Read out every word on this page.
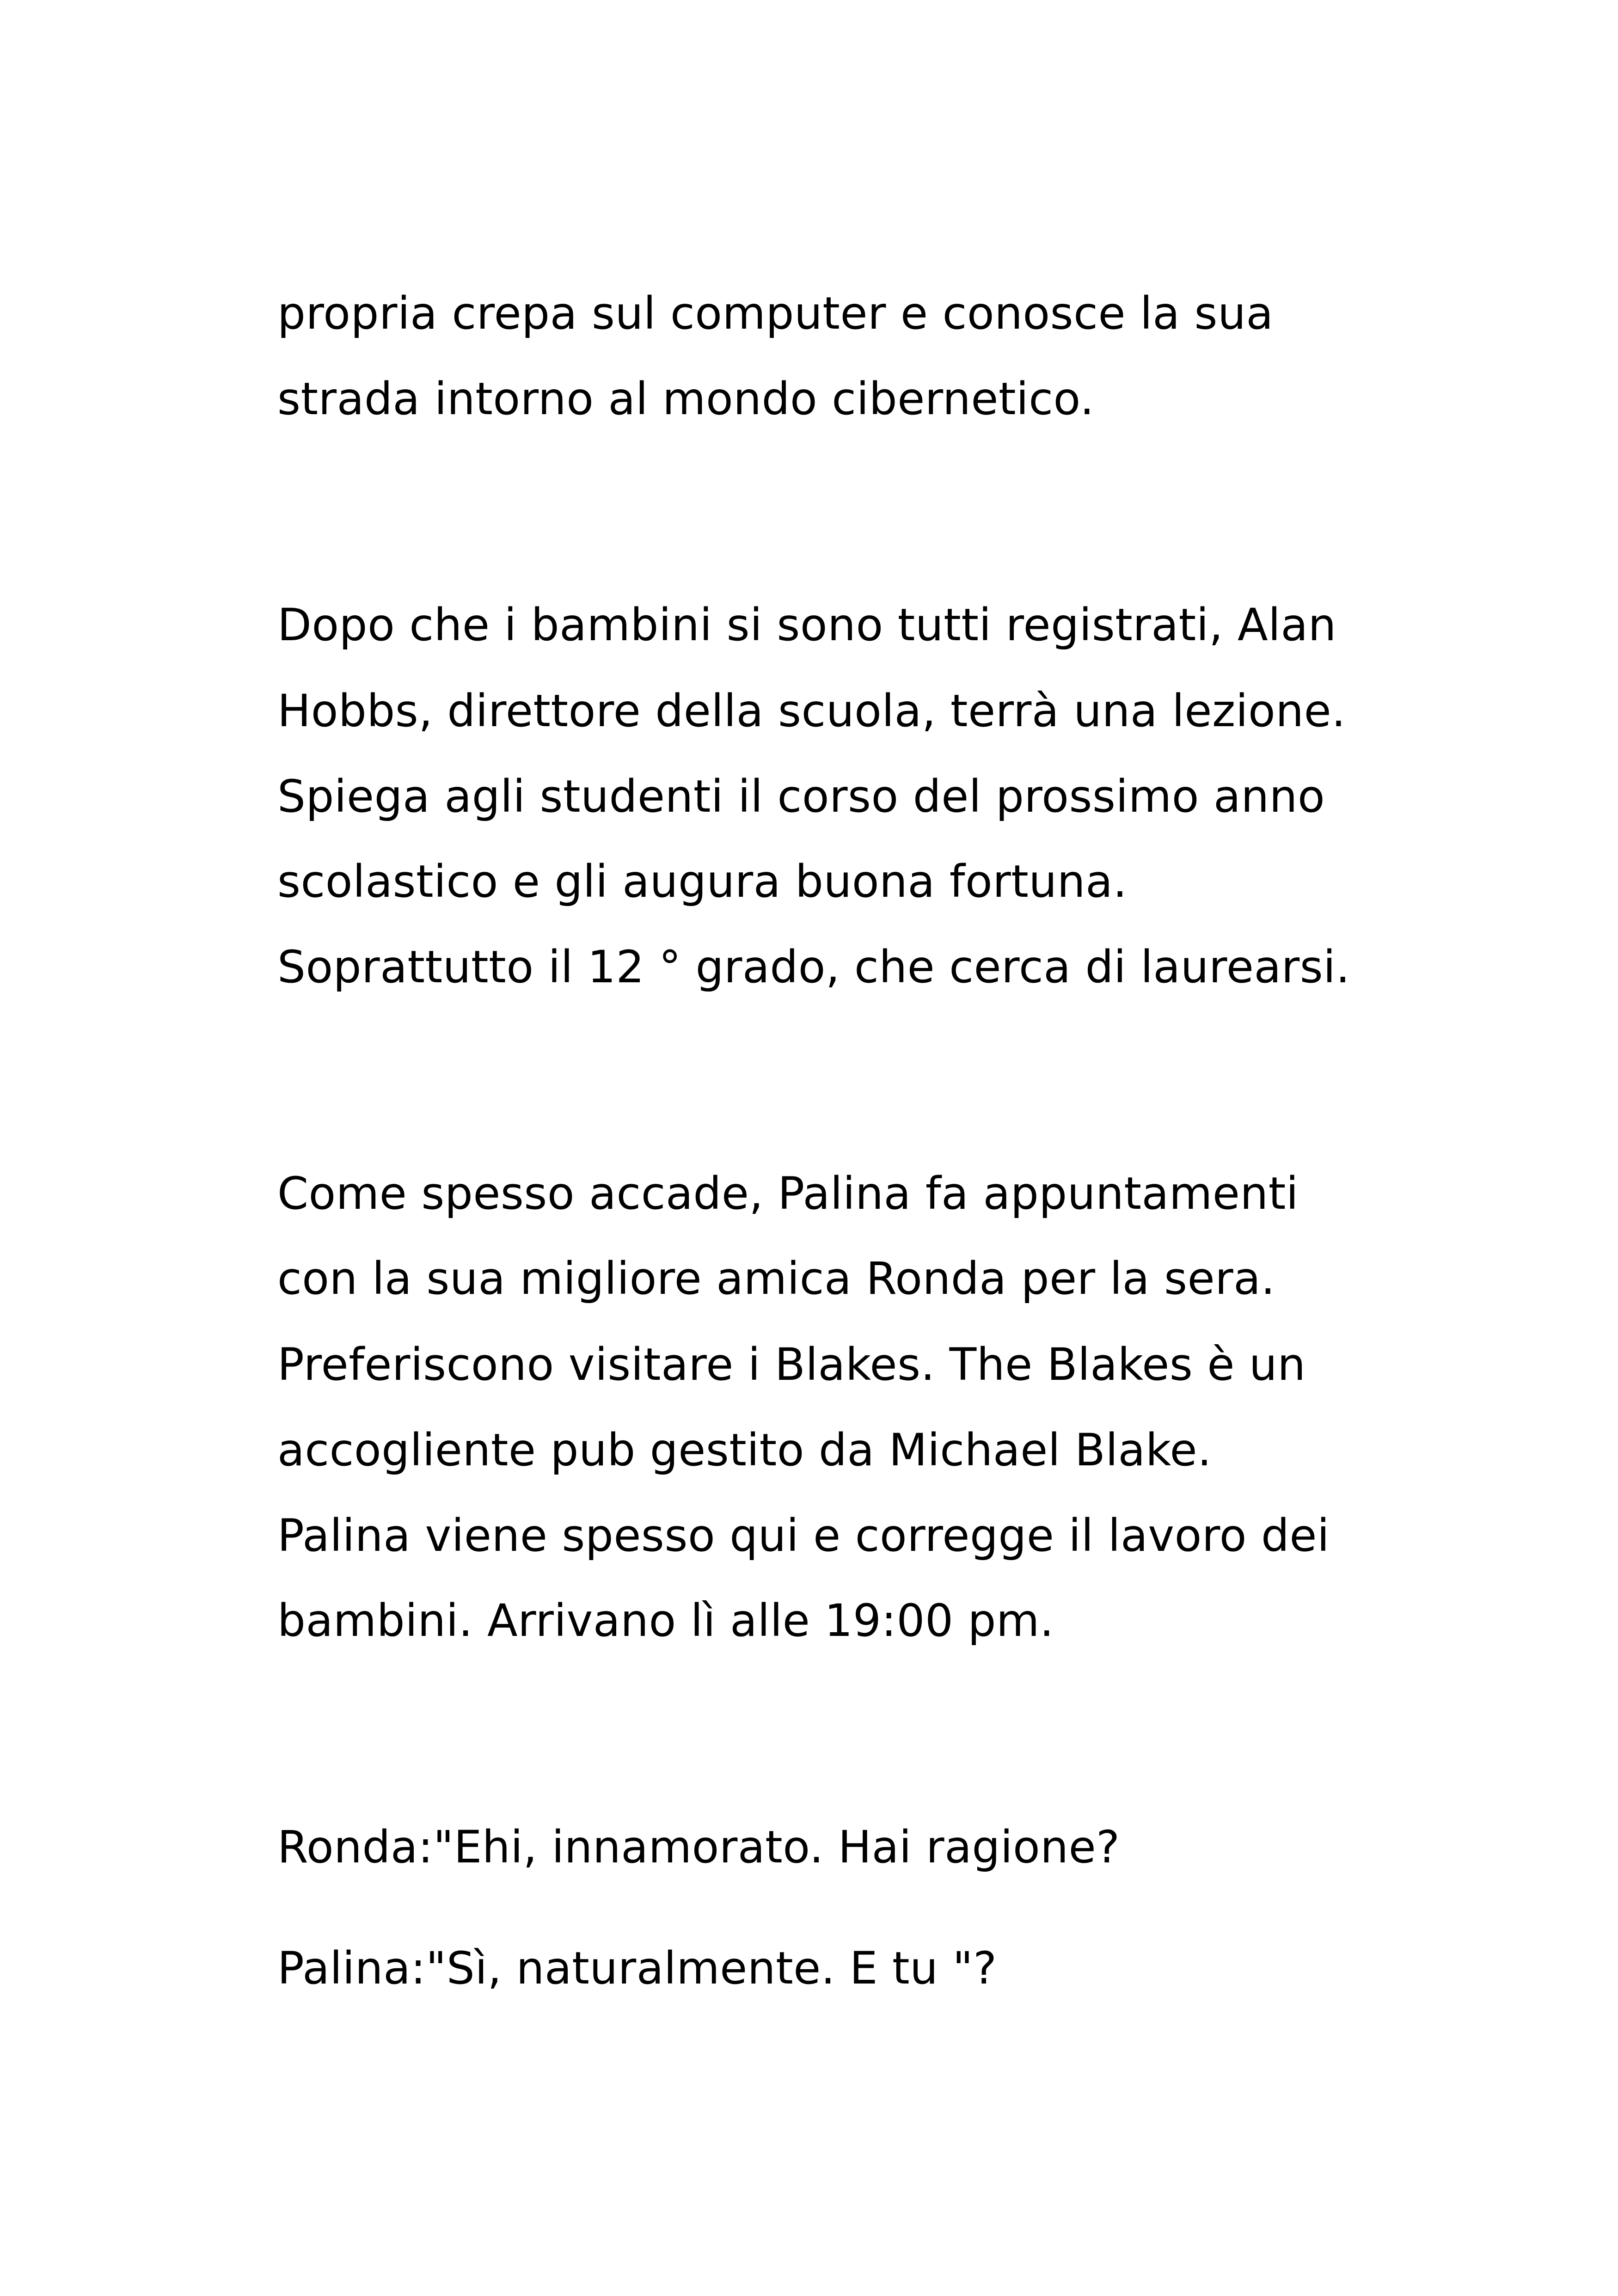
propria crepa sul computer e conosce la sua
strada intorno al mondo cibernetico.
Dopo che i bambini si sono tutti registrati, Alan
Hobbs, direttore della scuola, terrà una lezione.
Spiega agli studenti il corso del prossimo anno
scolastico e gli augura buona fortuna.
Soprattutto il 12 ° grado, che cerca di laurearsi.
Come spesso accade, Palina fa appuntamenti
con la sua migliore amica Ronda per la sera.
Preferiscono visitare i Blakes. The Blakes è un
accogliente pub gestito da Michael Blake.
Palina viene spesso qui e corregge il lavoro dei
bambini. Arrivano lì alle 19:00 pm.
Ronda:"Ehi, innamorato. Hai ragione?
Palina:"Sì, naturalmente. E tu "?
